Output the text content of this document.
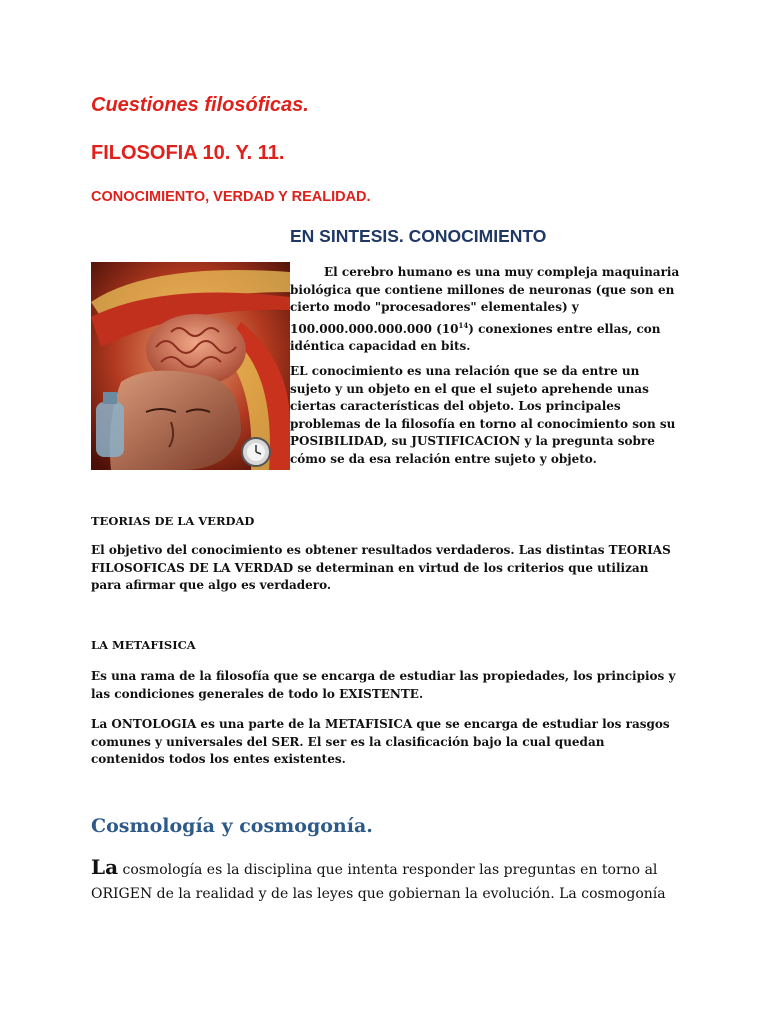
Cuestiones filosóficas.
FILOSOFIA 10. Y. 11.
CONOCIMIENTO, VERDAD Y REALIDAD.
EN SINTESIS. CONOCIMIENTO

El cerebro humano es una muy compleja maquinaria biológica que contiene millones de neuronas (que son en cierto modo "procesadores" elementales) y 100.000.000.000.000 $(10^{14})$ conexiones entre ellas, con idéntica capacidad en bits.

EL conocimiento es una relación que se da entre un sujeto y un objeto en el que el sujeto aprehende unas ciertas características del objeto. Los principales problemas de la filosofía en torno al conocimiento son su POSIBILIDAD, su JUSTIFICACION y la pregunta sobre cómo se da esa relación entre sujeto y objeto.

TEORIAS DE LA VERDAD
El objetivo del conocimiento es obtener resultados verdaderos. Las distintas TEORIAS FILOSOFICAS DE LA VERDAD se determinan en virtud de los criterios que utilizan para afirmar que algo es verdadero.
LA METAFISICA
Es una rama de la filosofía que se encarga de estudiar las propiedades, los principios y las condiciones generales de todo lo EXISTENTE.
La ONTOLOGIA es una parte de la METAFISICA que se encarga de estudiar los rasgos comunes y universales del SER. El ser es la clasificación bajo la cual quedan contenidos todos los entes existentes.
Cosmología y cosmogonía.
La cosmología es la disciplina que intenta responder las preguntas en torno al ORIGEN de la realidad y de las leyes que gobiernan la evolución. La cosmogonía
